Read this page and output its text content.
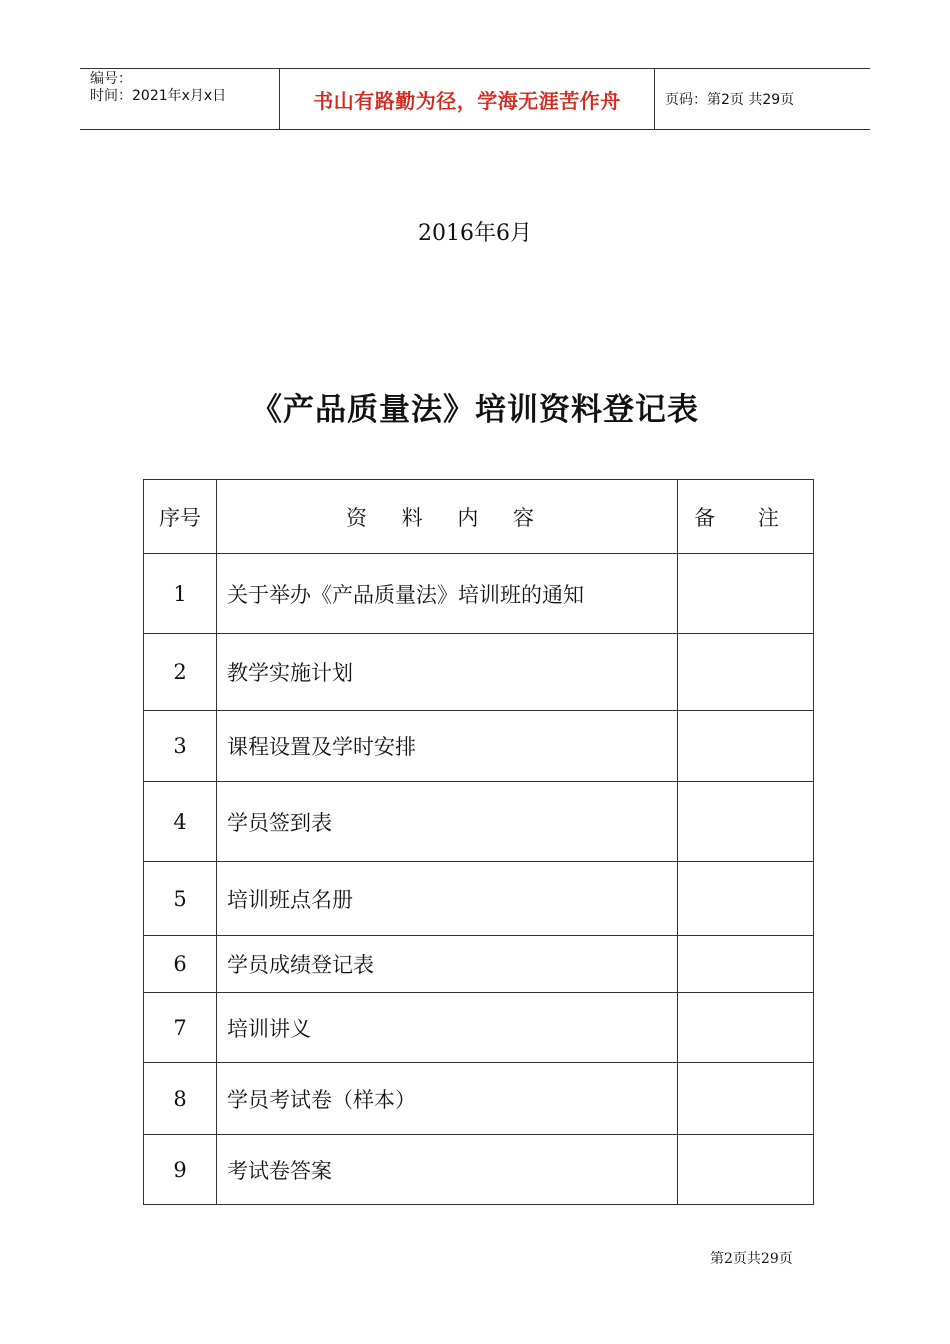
编号：
时间：2021年x月x日	书山有路勤为径，学海无涯苦作舟	页码：第2页 共29页
2016年6月
《产品质量法》培训资料登记表
序号	资 料 内 容	备 注
1	关于举办《产品质量法》培训班的通知	
2	教学实施计划	
3	课程设置及学时安排	
4	学员签到表	
5	培训班点名册	
6	学员成绩登记表	
7	培训讲义	
8	学员考试卷（样本）	
9	考试卷答案	
第2页共29页
